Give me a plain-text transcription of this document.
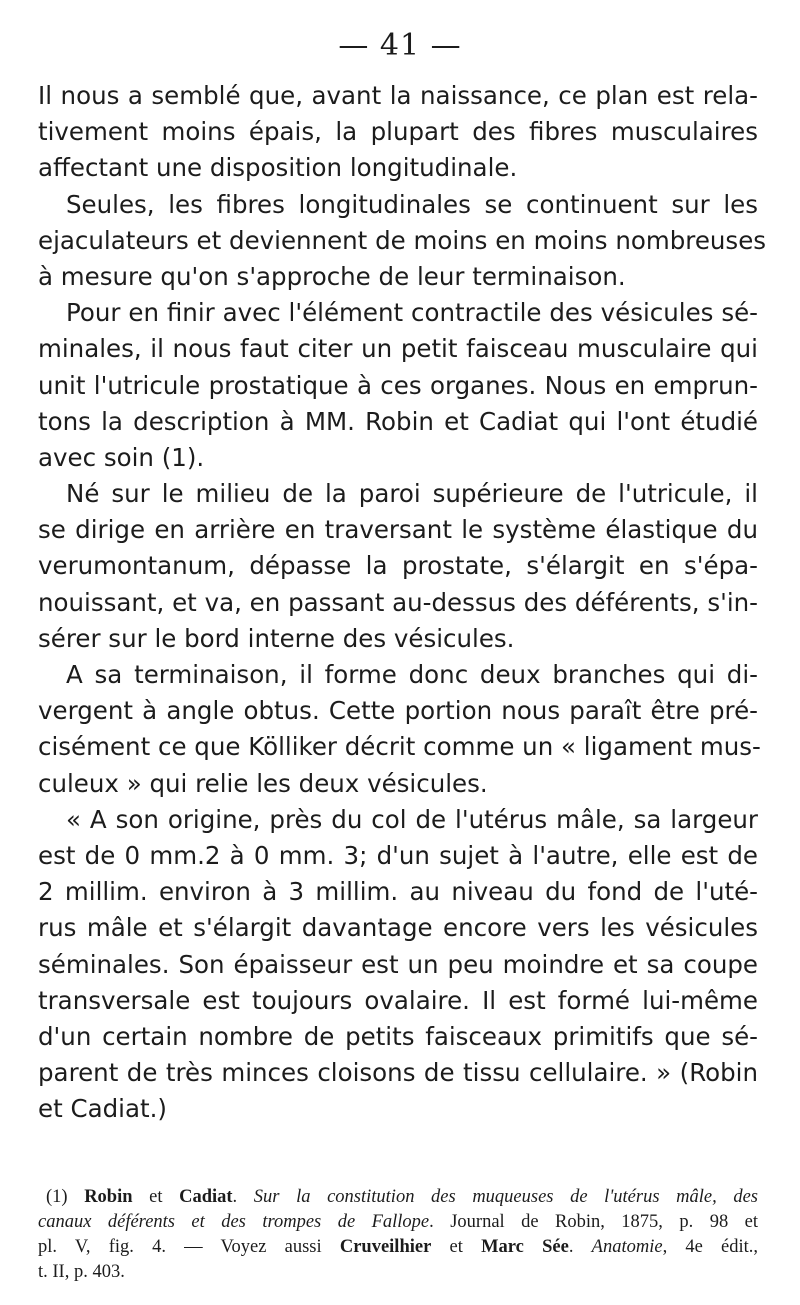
— 41 —
Il nous a semblé que, avant la naissance, ce plan est rela-
tivement moins épais, la plupart des fibres musculaires
affectant une disposition longitudinale.
Seules, les fibres longitudinales se continuent sur les
ejaculateurs et deviennent de moins en moins nombreuses
à mesure qu'on s'approche de leur terminaison.
Pour en finir avec l'élément contractile des vésicules sé-
minales, il nous faut citer un petit faisceau musculaire qui
unit l'utricule prostatique à ces organes. Nous en emprun-
tons la description à MM. Robin et Cadiat qui l'ont étudié
avec soin (1).
Né sur le milieu de la paroi supérieure de l'utricule, il
se dirige en arrière en traversant le système élastique du
verumontanum, dépasse la prostate, s'élargit en s'épa-
nouissant, et va, en passant au-dessus des déférents, s'in-
sérer sur le bord interne des vésicules.
A sa terminaison, il forme donc deux branches qui di-
vergent à angle obtus. Cette portion nous paraît être pré-
cisément ce que Kölliker décrit comme un « ligament mus-
culeux » qui relie les deux vésicules.
« A son origine, près du col de l'utérus mâle, sa largeur
est de 0 mm.2 à 0 mm. 3; d'un sujet à l'autre, elle est de
2 millim. environ à 3 millim. au niveau du fond de l'uté-
rus mâle et s'élargit davantage encore vers les vésicules
séminales. Son épaisseur est un peu moindre et sa coupe
transversale est toujours ovalaire. Il est formé lui-même
d'un certain nombre de petits faisceaux primitifs que sé-
parent de très minces cloisons de tissu cellulaire. » (Robin
et Cadiat.)
(1) Robin et Cadiat. Sur la constitution des muqueuses de l'utérus mâle, des
canaux déférents et des trompes de Fallope. Journal de Robin, 1875, p. 98 et
pl. V, fig. 4. — Voyez aussi Cruveilhier et Marc Sée. Anatomie, 4e édit.,
t. II, p. 403.
